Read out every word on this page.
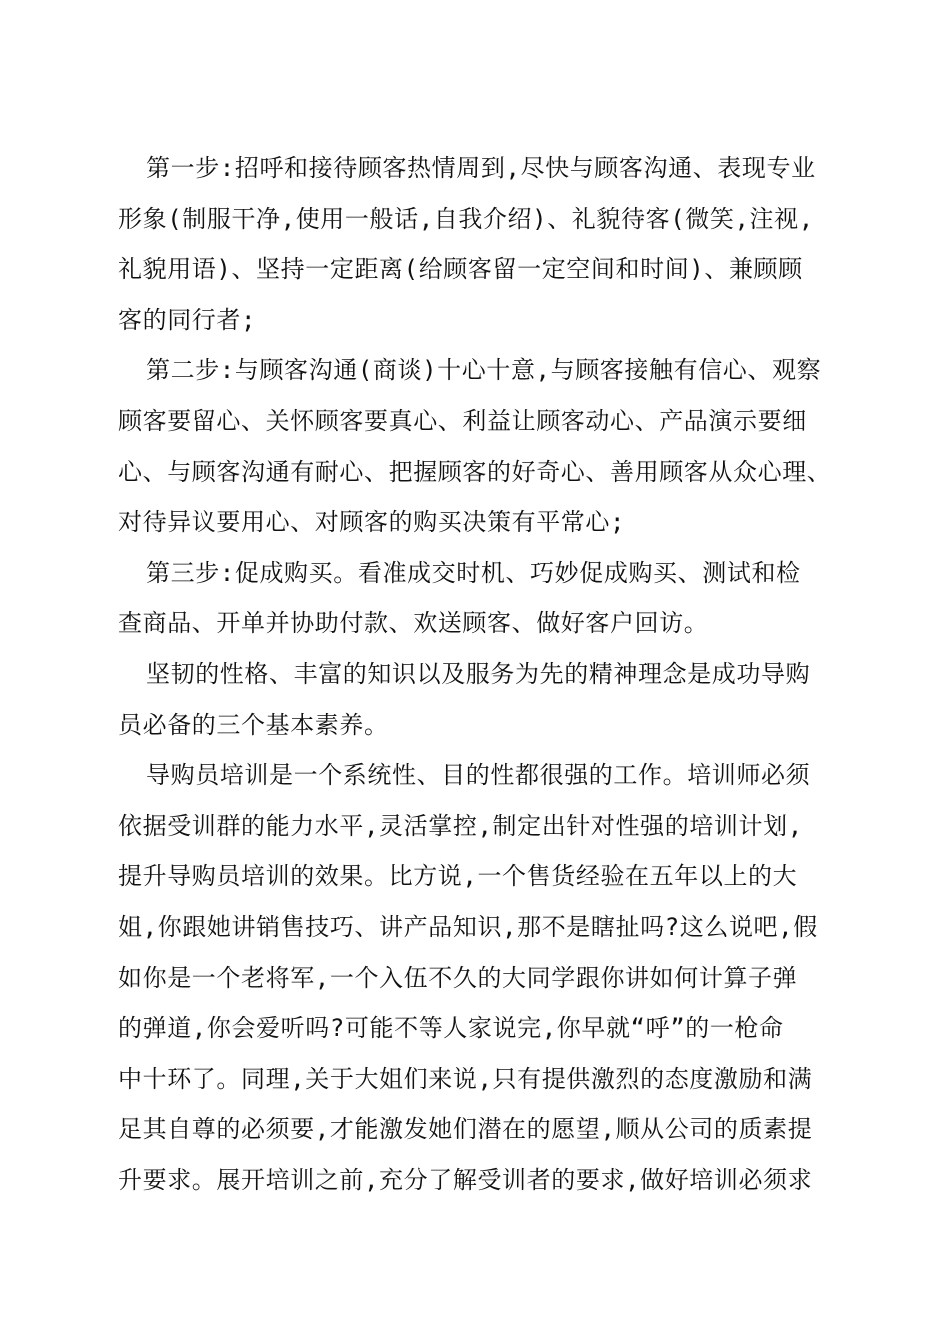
第一步:招呼和接待顾客热情周到,尽快与顾客沟通、表现专业
形象(制服干净,使用一般话,自我介绍)、礼貌待客(微笑,注视,
礼貌用语)、坚持一定距离(给顾客留一定空间和时间)、兼顾顾
客的同行者;
第二步:与顾客沟通(商谈)十心十意,与顾客接触有信心、观察
顾客要留心、关怀顾客要真心、利益让顾客动心、产品演示要细
心、与顾客沟通有耐心、把握顾客的好奇心、善用顾客从众心理、
对待异议要用心、对顾客的购买决策有平常心;
第三步:促成购买。看准成交时机、巧妙促成购买、测试和检
查商品、开单并协助付款、欢送顾客、做好客户回访。
坚韧的性格、丰富的知识以及服务为先的精神理念是成功导购
员必备的三个基本素养。
导购员培训是一个系统性、目的性都很强的工作。培训师必须
依据受训群的能力水平,灵活掌控,制定出针对性强的培训计划,
提升导购员培训的效果。比方说,一个售货经验在五年以上的大
姐,你跟她讲销售技巧、讲产品知识,那不是瞎扯吗?这么说吧,假
如你是一个老将军,一个入伍不久的大同学跟你讲如何计算子弹
的弹道,你会爱听吗?可能不等人家说完,你早就“呼”的一枪命
中十环了。同理,关于大姐们来说,只有提供激烈的态度激励和满
足其自尊的必须要,才能激发她们潜在的愿望,顺从公司的质素提
升要求。展开培训之前,充分了解受训者的要求,做好培训必须求
